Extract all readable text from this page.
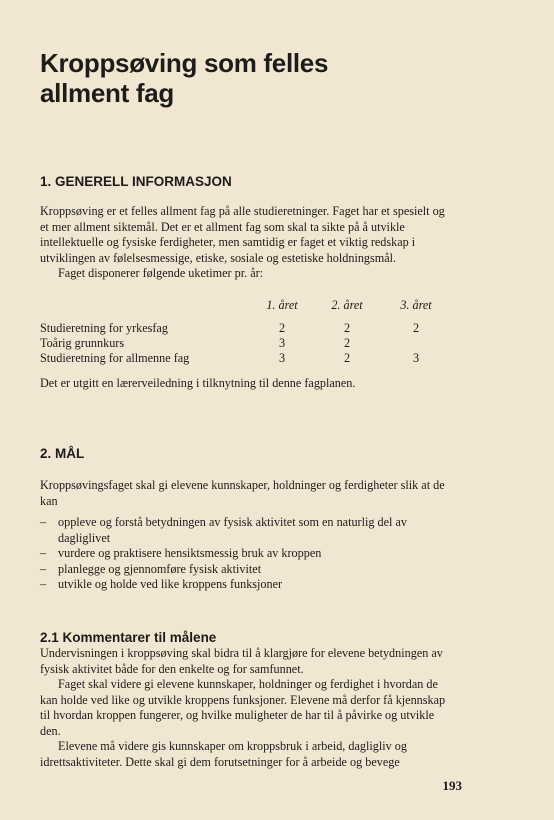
Kroppsøving som felles allment fag
1. GENERELL INFORMASJON

Kroppsøving er et felles allment fag på alle studieretninger. Faget har et spesielt og et mer allment siktemål. Det er et allment fag som skal ta sikte på å utvikle intellektuelle og fysiske ferdigheter, men samtidig er faget et viktig redskap i utviklingen av følelsesmessige, etiske, sosiale og estetiske holdningsmål.

Faget disponerer følgende uketimer pr. år:

	1. året	2. året	3. året

Studieretning for yrkesfag	2	2	2
Toårig grunnkurs	3	2	
Studieretning for allmenne fag	3	2	3

Det er utgitt en lærerveiledning i tilknytning til denne fagplanen.

2. MÅL

Kroppsøvingsfaget skal gi elevene kunnskaper, holdninger og ferdigheter slik at de kan

– oppleve og forstå betydningen av fysisk aktivitet som en naturlig del av dagliglivet
– vurdere og praktisere hensiktsmessig bruk av kroppen
– planlegge og gjennomføre fysisk aktivitet
– utvikle og holde ved like kroppens funksjoner
2.1 Kommentarer til målene

Undervisningen i kroppsøving skal bidra til å klargjøre for elevene betydningen av fysisk aktivitet både for den enkelte og for samfunnet.

Faget skal videre gi elevene kunnskaper, holdninger og ferdighet i hvordan de kan holde ved like og utvikle kroppens funksjoner. Elevene må derfor få kjennskap til hvordan kroppen fungerer, og hvilke muligheter de har til å påvirke og utvikle den.

Elevene må videre gis kunnskaper om kroppsbruk i arbeid, dagligliv og idrettsaktiviteter. Dette skal gi dem forutsetninger for å arbeide og bevege

193
